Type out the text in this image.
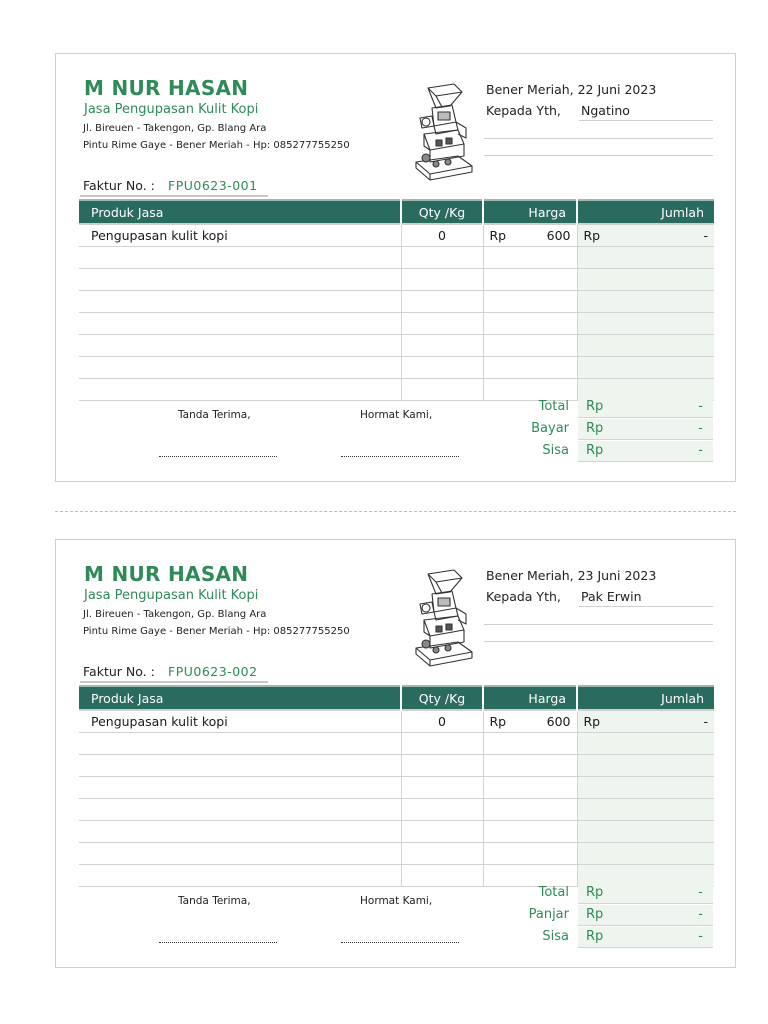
M NUR HASAN
Jasa Pengupasan Kulit Kopi
Jl. Bireuen - Takengon, Gp. Blang Ara
Pintu Rime Gaye - Bener Meriah - Hp: 085277755250
Bener Meriah, 22 Juni 2023
Kepada Yth, Ngatino
Faktur No. : FPU0623-001
Produk Jasa	Qty /Kg	Harga	Jumlah
Pengupasan kulit kopi	0	Rp 600	Rp -

Tanda Terima,	Hormat Kami,
Total Rp	-
Bayar Rp	-
Sisa Rp	-
M NUR HASAN
Jasa Pengupasan Kulit Kopi
Jl. Bireuen - Takengon, Gp. Blang Ara
Pintu Rime Gaye - Bener Meriah - Hp: 085277755250
Bener Meriah, 23 Juni 2023
Kepada Yth, Pak Erwin
Faktur No. : FPU0623-002
Produk Jasa	Qty /Kg	Harga	Jumlah
Pengupasan kulit kopi	0	Rp 600	Rp -

Tanda Terima,	Hormat Kami,
Total Rp	-
Panjar Rp	-
Sisa Rp	-
